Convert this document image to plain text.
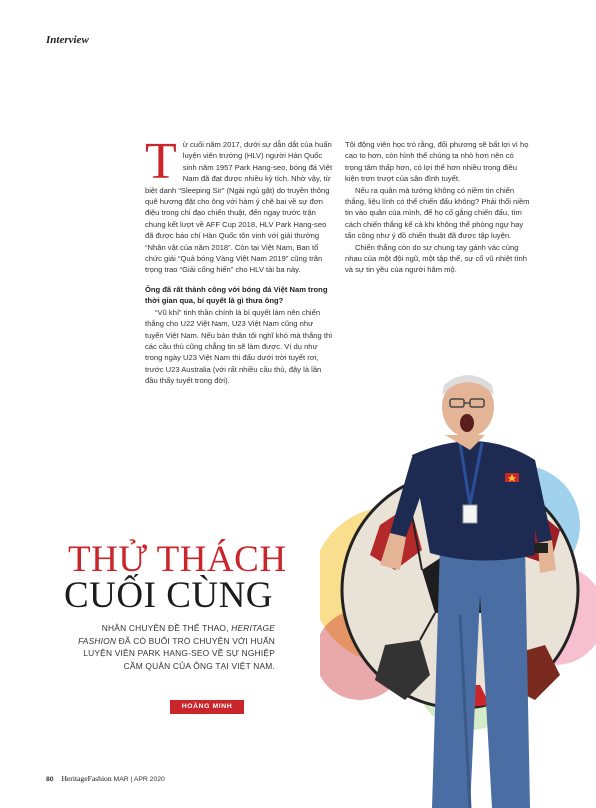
Interview

Từ cuối năm 2017, dưới sự dẫn dắt của huấn luyện viên trưởng (HLV) người Hàn Quốc sinh năm 1957 Park Hang-seo, bóng đá Việt Nam đã đạt được nhiều kỳ tích. Nhờ vậy, từ biệt danh “Sleeping Sir” (Ngài ngủ gật) do truyền thông quê hương đặt cho ông với hàm ý chê bai về sự đơn điệu trong chỉ đạo chiến thuật, đến ngay trước trận chung kết lượt về AFF Cup 2018, HLV Park Hang-seo đã được báo chí Hàn Quốc tôn vinh với giải thưởng “Nhân vật của năm 2018”. Còn tại Việt Nam, Ban tổ chức giải “Quả bóng Vàng Việt Nam 2019” cũng trân trọng trao “Giải cống hiến” cho HLV tài ba này.

Ông đã rất thành công với bóng đá Việt Nam trong thời gian qua, bí quyết là gì thưa ông?

“Vũ khí” tinh thần chính là bí quyết làm nên chiến thắng cho U22 Việt Nam, U23 Việt Nam cũng như tuyển Việt Nam. Nếu bản thân tôi nghĩ khó mà thắng thì các cầu thủ cũng chẳng tin sẽ làm được. Ví dụ như trong ngày U23 Việt Nam thi đấu dưới trời tuyết rơi, trước U23 Australia (với rất nhiều cầu thủ, đây là lần đầu thấy tuyết trong đời).

Tôi động viên học trò rằng, đối phương sẽ bất lợi vì họ cao to hơn, còn hình thể chúng ta nhỏ hơn nên có trọng tâm thấp hơn, có lợi thế hơn nhiều trong điều kiện trơn trượt của sân đình tuyết.

Nếu ra quân mà tướng không có niềm tin chiến thắng, liệu lính có thể chiến đấu không? Phải thổi niềm tin vào quân của mình, để họ cố gắng chiến đấu, tìm cách chiến thắng kể cả khi không thể phòng ngự hay tấn công như ý đồ chiến thuật đã được tập luyện.

Chiến thắng còn do sự chung tay gánh vác cùng nhau của một đội ngũ, một tập thể, sự cổ vũ nhiệt tình và sự tin yêu của người hâm mộ.

THỬ THÁCH
CUỐI CÙNG
NHÂN CHUYÊN ĐỀ THỂ THAO, HERITAGE FASHION ĐÃ CÓ BUỔI TRÒ CHUYỆN VỚI HUẤN LUYỆN VIÊN PARK HANG-SEO VỀ SỰ NGHIỆP CẦM QUÂN CỦA ÔNG TẠI VIỆT NAM.
HOÀNG MINH
80 HeritageFashion MAR | APR 2020
